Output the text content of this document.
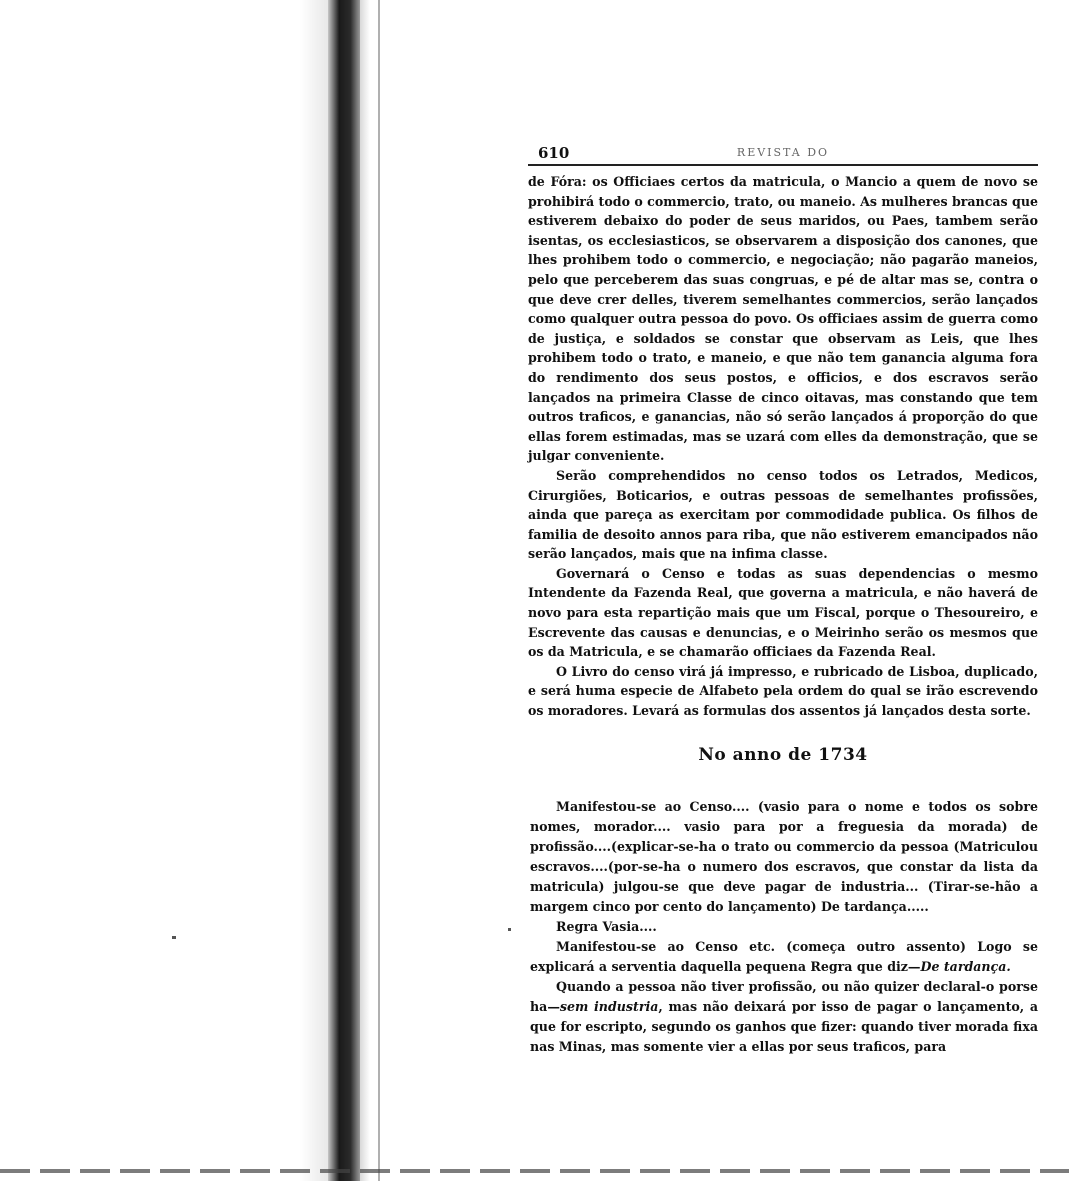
610	REVISTA DO

de Fóra: os Officiaes certos da matricula, o Mancio a quem de novo se prohibirá todo o commercio, trato, ou maneio. As mulheres brancas que estiverem debaixo do poder de seus maridos, ou Paes, tambem serão isentas, os ecclesiasticos, se observarem a disposição dos canones, que lhes prohibem todo o commercio, e negociação; não pagarão maneios, pelo que perceberem das suas congruas, e pé de altar mas se, contra o que deve crer delles, tiverem semelhantes commercios, serão lançados como qualquer outra pessoa do povo. Os officiaes assim de guerra como de justiça, e soldados se constar que observam as Leis, que lhes prohibem todo o trato, e maneio, e que não tem ganancia alguma fora do rendimento dos seus postos, e officios, e dos escravos serão lançados na primeira Classe de cinco oitavas, mas constando que tem outros traficos, e ganancias, não só serão lançados á proporção do que ellas forem estimadas, mas se uzará com elles da demonstração, que se julgar conveniente.

Serão comprehendidos no censo todos os Letrados, Medicos, Cirurgiões, Boticarios, e outras pessoas de semelhantes profissões, ainda que pareça as exercitam por commodidade publica. Os filhos de familia de desoito annos para riba, que não estiverem emancipados não serão lançados, mais que na infima classe.

Governará o Censo e todas as suas dependencias o mesmo Intendente da Fazenda Real, que governa a matricula, e não haverá de novo para esta repartição mais que um Fiscal, porque o Thesoureiro, e Escrevente das causas e denuncias, e o Meirinho serão os mesmos que os da Matricula, e se chamarão officiaes da Fazenda Real.

O Livro do censo virá já impresso, e rubricado de Lisboa, duplicado, e será huma especie de Alfabeto pela ordem do qual se irão escrevendo os moradores. Levará as formulas dos assentos já lançados desta sorte.

No anno de 1734

Manifestou-se ao Censo.... (vasio para o nome e todos os sobre nomes, morador.... vasio para por a freguesia da morada) de profissão....(explicar-se-ha o trato ou commercio da pessoa (Matriculou escravos....(por-se-ha o numero dos escravos, que constar da lista da matricula) julgou-se que deve pagar de industria... (Tirar-se-hão a margem cinco por cento do lançamento) De tardança.....

Regra Vasia....

Manifestou-se ao Censo etc. (começa outro assento) Logo se explicará a serventia daquella pequena Regra que diz—De tardança.

Quando a pessoa não tiver profissão, ou não quizer declaral-o porse ha—sem industria, mas não deixará por isso de pagar o lançamento, a que for escripto, segundo os ganhos que fizer: quando tiver morada fixa nas Minas, mas somente vier a ellas por seus traficos, para
